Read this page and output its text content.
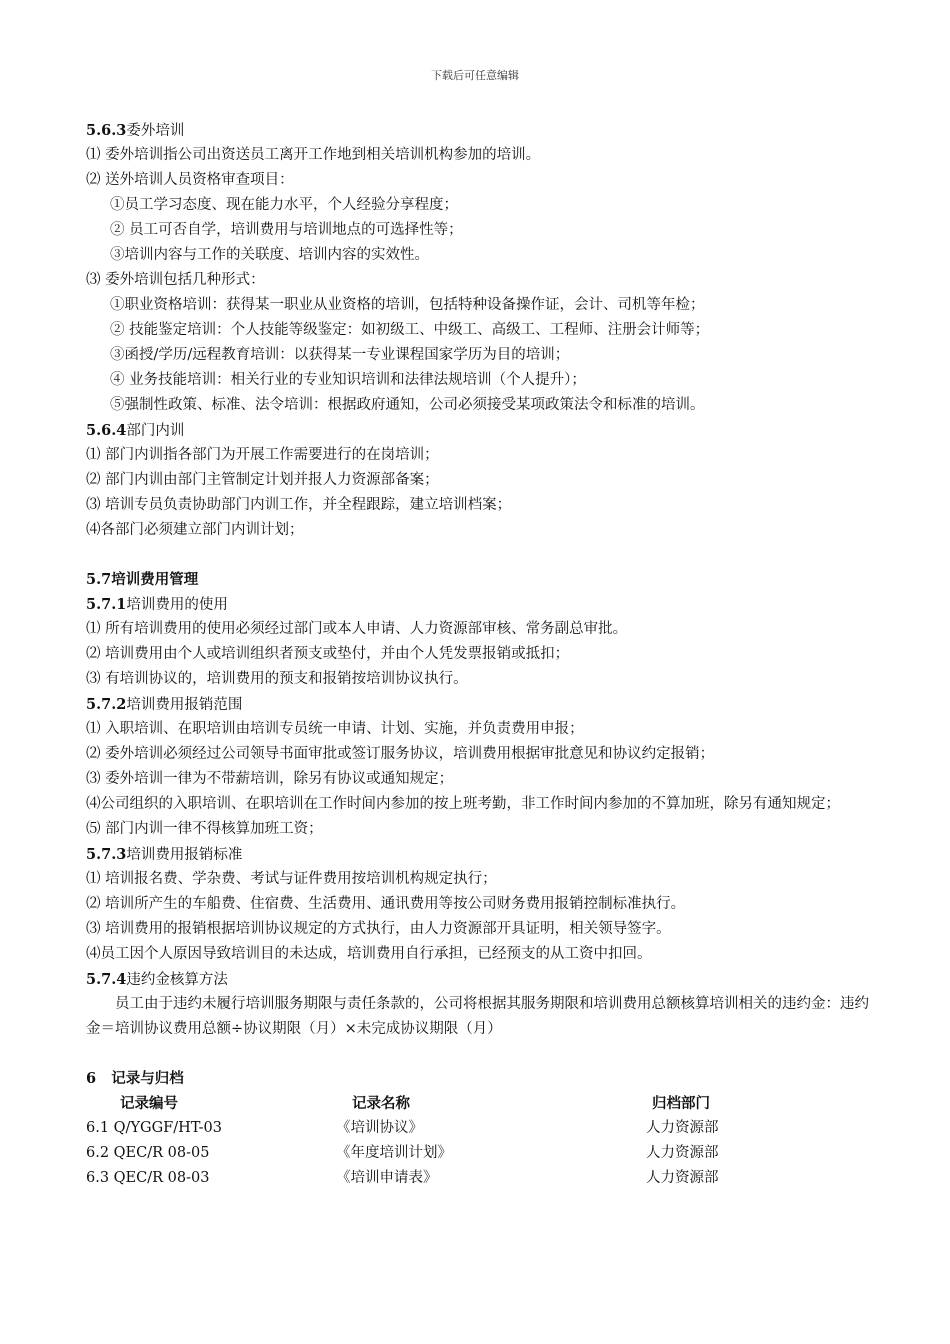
下载后可任意编辑
5.6.3委外培训
⑴ 委外培训指公司出资送员工离开工作地到相关培训机构参加的培训。
⑵ 送外培训人员资格审查项目：
①员工学习态度、现在能力水平，个人经验分享程度；
② 员工可否自学，培训费用与培训地点的可选择性等；
③培训内容与工作的关联度、培训内容的实效性。
⑶ 委外培训包括几种形式：
①职业资格培训：获得某一职业从业资格的培训，包括特种设备操作证，会计、司机等年检；
② 技能鉴定培训：个人技能等级鉴定：如初级工、中级工、高级工、工程师、注册会计师等；
③函授/学历/远程教育培训：以获得某一专业课程国家学历为目的培训；
④ 业务技能培训：相关行业的专业知识培训和法律法规培训（个人提升）；
⑤强制性政策、标准、法令培训：根据政府通知，公司必须接受某项政策法令和标准的培训。
5.6.4部门内训
⑴ 部门内训指各部门为开展工作需要进行的在岗培训；
⑵ 部门内训由部门主管制定计划并报人力资源部备案；
⑶ 培训专员负责协助部门内训工作，并全程跟踪，建立培训档案；
⑷各部门必须建立部门内训计划；
5.7培训费用管理
5.7.1培训费用的使用
⑴ 所有培训费用的使用必须经过部门或本人申请、人力资源部审核、常务副总审批。
⑵ 培训费用由个人或培训组织者预支或垫付，并由个人凭发票报销或抵扣；
⑶ 有培训协议的，培训费用的预支和报销按培训协议执行。
5.7.2培训费用报销范围
⑴ 入职培训、在职培训由培训专员统一申请、计划、实施，并负责费用申报；
⑵ 委外培训必须经过公司领导书面审批或签订服务协议，培训费用根据审批意见和协议约定报销；
⑶ 委外培训一律为不带薪培训，除另有协议或通知规定；
⑷公司组织的入职培训、在职培训在工作时间内参加的按上班考勤，非工作时间内参加的不算加班，除另有通知规定；
⑸ 部门内训一律不得核算加班工资；
5.7.3培训费用报销标准
⑴ 培训报名费、学杂费、考试与证件费用按培训机构规定执行；
⑵ 培训所产生的车船费、住宿费、生活费用、通讯费用等按公司财务费用报销控制标准执行。
⑶ 培训费用的报销根据培训协议规定的方式执行，由人力资源部开具证明，相关领导签字。
⑷员工因个人原因导致培训目的未达成，培训费用自行承担，已经预支的从工资中扣回。
5.7.4违约金核算方法
员工由于违约未履行培训服务期限与责任条款的，公司将根据其服务期限和培训费用总额核算培训相关的违约金：违约金＝培训协议费用总额÷协议期限（月）×未完成协议期限（月）
6 记录与归档
记录编号	记录名称	归档部门
6.1 Q/YGGF/HT-03	《培训协议》	人力资源部
6.2 QEC/R 08-05	《年度培训计划》	人力资源部
6.3 QEC/R 08-03	《培训申请表》	人力资源部
